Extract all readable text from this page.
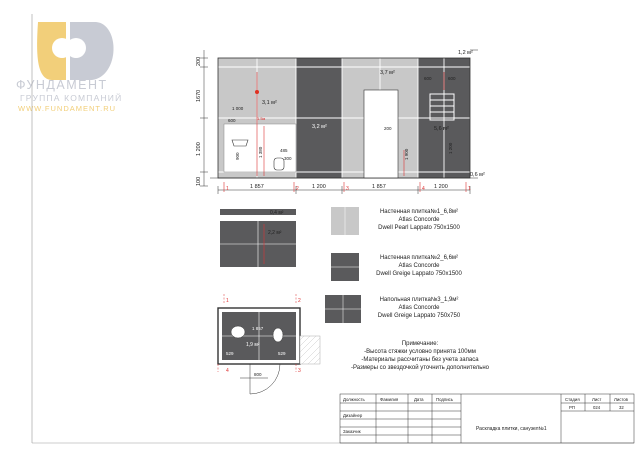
ФУНДАМЕНТ
ГРУППА КОМПАНИЙ
WWW.FUNDAMENT.RU
1,2 м²
3,1 м²
3,2 м²
3,7 м²
5,6 м²
0,6 м²
1.5м
200
1670
1 200
100
1 857	1 200	1 857	1 200
1	2	3	4	1
1 000
600
900	1 380	485
300
200
1 900
600	600
1 200
0,4 м²
2,2 м²
1 857
1,9 м²
529	529
800
1	2
4	3
Настенная плитка№1_6,8м²
Atlas Concorde
Dwell Pearl Lappato 750x1500
Настенная плитка№2_6,6м²
Atlas Concorde
Dwell Greige Lappato 750x1500
Напольная плитка№3_1,9м²
Atlas Concorde
Dwell Greige Lappato 750x750
Примечание:
-Высота стяжки условно принята 100мм
-Материалы рассчитаны без учета запаса
-Размеры со звездочкой уточнить дополнительно
Должность	Фамилия	Дата	Подпись
Дизайнер
Заказчик
Стадия	Лист	Листов
РП	024	32
Раскладка плитки, санузел№1
